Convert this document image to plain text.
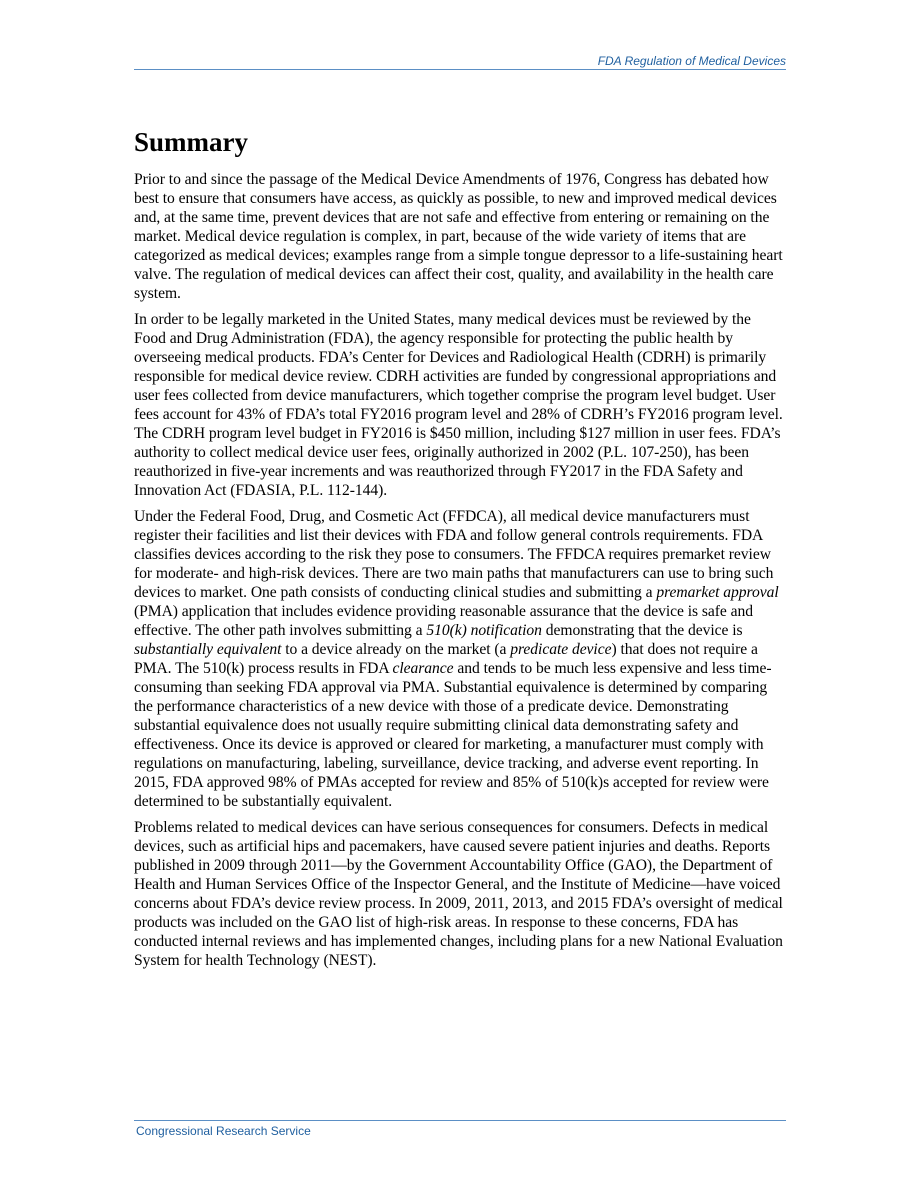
FDA Regulation of Medical Devices
Summary

Prior to and since the passage of the Medical Device Amendments of 1976, Congress has debated how best to ensure that consumers have access, as quickly as possible, to new and improved medical devices and, at the same time, prevent devices that are not safe and effective from entering or remaining on the market. Medical device regulation is complex, in part, because of the wide variety of items that are categorized as medical devices; examples range from a simple tongue depressor to a life-sustaining heart valve. The regulation of medical devices can affect their cost, quality, and availability in the health care system.

In order to be legally marketed in the United States, many medical devices must be reviewed by the Food and Drug Administration (FDA), the agency responsible for protecting the public health by overseeing medical products. FDA’s Center for Devices and Radiological Health (CDRH) is primarily responsible for medical device review. CDRH activities are funded by congressional appropriations and user fees collected from device manufacturers, which together comprise the program level budget. User fees account for 43% of FDA’s total FY2016 program level and 28% of CDRH’s FY2016 program level. The CDRH program level budget in FY2016 is $450 million, including $127 million in user fees. FDA’s authority to collect medical device user fees, originally authorized in 2002 (P.L. 107-250), has been reauthorized in five-year increments and was reauthorized through FY2017 in the FDA Safety and Innovation Act (FDASIA, P.L. 112-144).

Under the Federal Food, Drug, and Cosmetic Act (FFDCA), all medical device manufacturers must register their facilities and list their devices with FDA and follow general controls requirements. FDA classifies devices according to the risk they pose to consumers. The FFDCA requires premarket review for moderate- and high-risk devices. There are two main paths that manufacturers can use to bring such devices to market. One path consists of conducting clinical studies and submitting a premarket approval (PMA) application that includes evidence providing reasonable assurance that the device is safe and effective. The other path involves submitting a 510(k) notification demonstrating that the device is substantially equivalent to a device already on the market (a predicate device) that does not require a PMA. The 510(k) process results in FDA clearance and tends to be much less expensive and less time-consuming than seeking FDA approval via PMA. Substantial equivalence is determined by comparing the performance characteristics of a new device with those of a predicate device. Demonstrating substantial equivalence does not usually require submitting clinical data demonstrating safety and effectiveness. Once its device is approved or cleared for marketing, a manufacturer must comply with regulations on manufacturing, labeling, surveillance, device tracking, and adverse event reporting. In 2015, FDA approved 98% of PMAs accepted for review and 85% of 510(k)s accepted for review were determined to be substantially equivalent.

Problems related to medical devices can have serious consequences for consumers. Defects in medical devices, such as artificial hips and pacemakers, have caused severe patient injuries and deaths. Reports published in 2009 through 2011—by the Government Accountability Office (GAO), the Department of Health and Human Services Office of the Inspector General, and the Institute of Medicine—have voiced concerns about FDA’s device review process. In 2009, 2011, 2013, and 2015 FDA’s oversight of medical products was included on the GAO list of high-risk areas. In response to these concerns, FDA has conducted internal reviews and has implemented changes, including plans for a new National Evaluation System for health Technology (NEST).

Congressional Research Service
